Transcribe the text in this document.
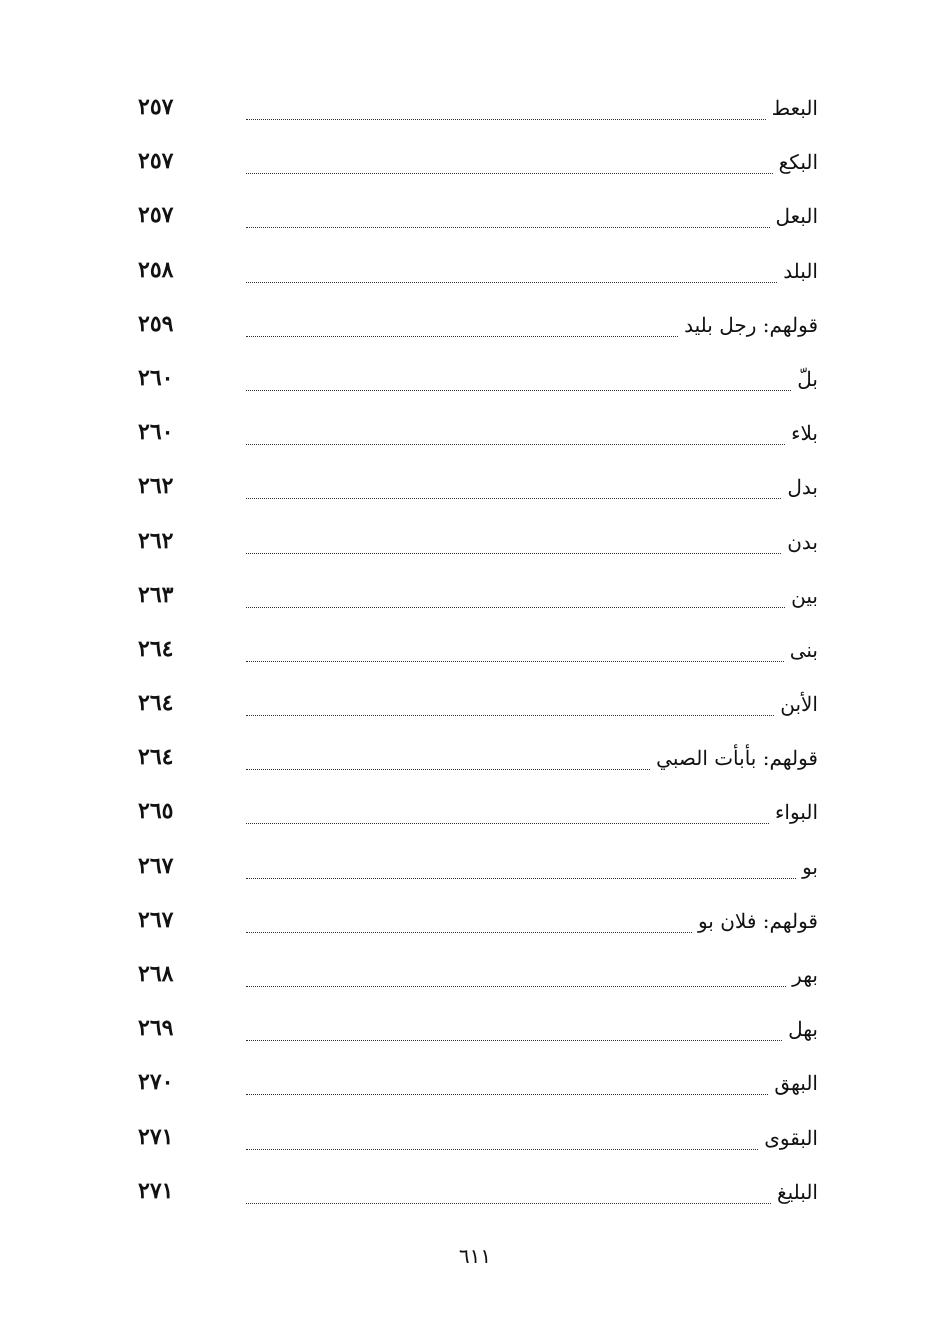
٢٥٧	البعط
٢٥٧	البكع
٢٥٧	البعل
٢٥٨	البلد
٢٥٩	قولهم: رجل بليد
٢٦٠	بلّ
٢٦٠	بلاء
٢٦٢	بدل
٢٦٢	بدن
٢٦٣	بين
٢٦٤	بنى
٢٦٤	الأبن
٢٦٤	قولهم: بأبأت الصبي
٢٦٥	البواء
٢٦٧	بو
٢٦٧	قولهم: فلان بو
٢٦٨	بهر
٢٦٩	بهل
٢٧٠	البهق
٢٧١	البقوى
٢٧١	البليغ
٦١١
